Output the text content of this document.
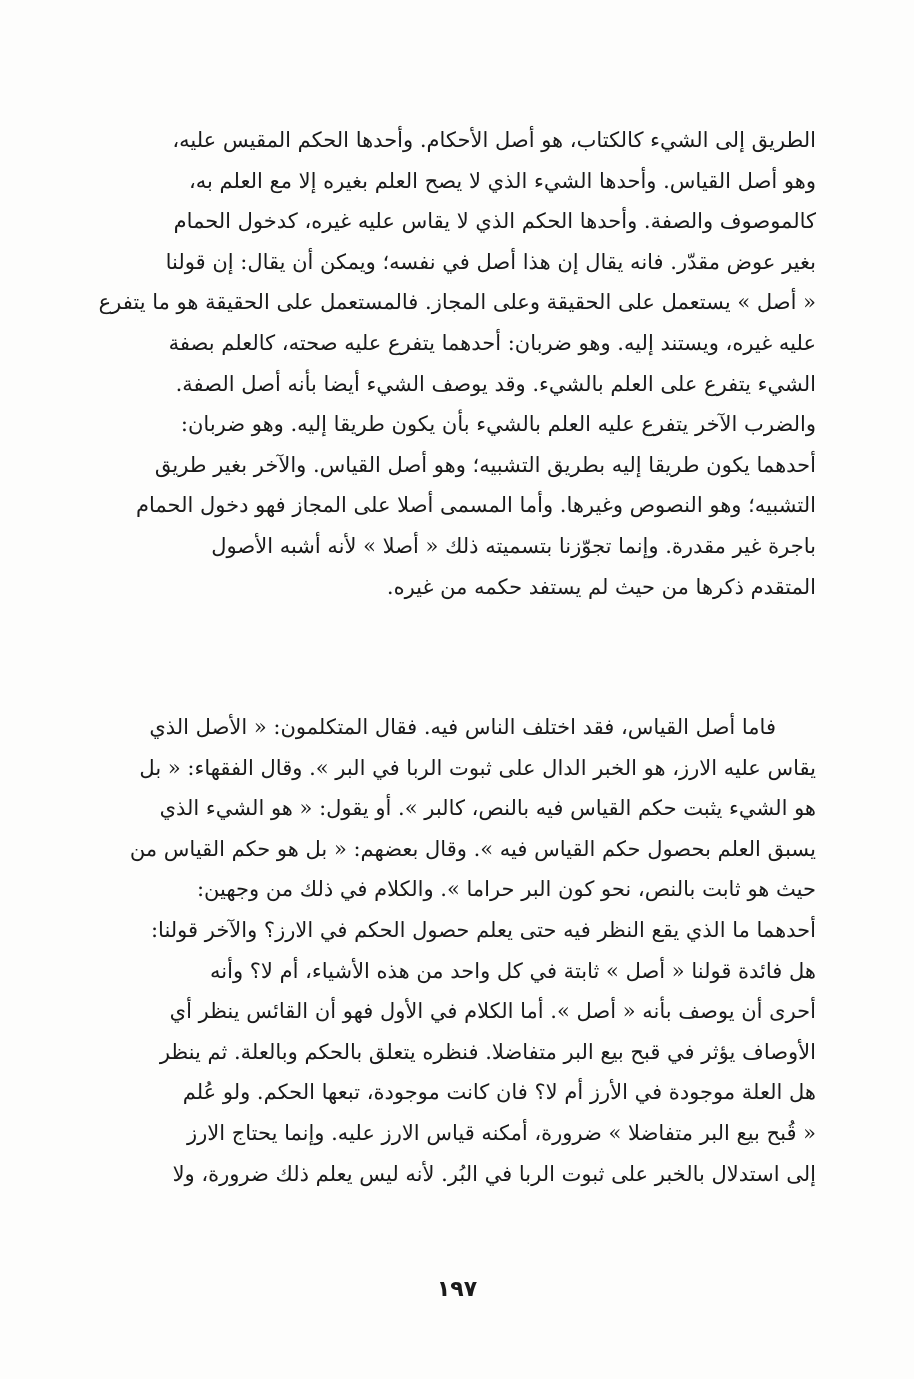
الطريق إلى الشيء كالكتاب، هو أصل الأحكام. وأحدها الحكم المقيس عليه،
وهو أصل القياس. وأحدها الشيء الذي لا يصح العلم بغيره إلا مع العلم به،
كالموصوف والصفة. وأحدها الحكم الذي لا يقاس عليه غيره، كدخول الحمام
بغير عوض مقدّر. فانه يقال إن هذا أصل في نفسه؛ ويمكن أن يقال: إن قولنا
« أصل » يستعمل على الحقيقة وعلى المجاز. فالمستعمل على الحقيقة هو ما يتفرع
عليه غيره، ويستند إليه. وهو ضربان: أحدهما يتفرع عليه صحته، كالعلم بصفة
الشيء يتفرع على العلم بالشيء. وقد يوصف الشيء أيضا بأنه أصل الصفة.
والضرب الآخر يتفرع عليه العلم بالشيء بأن يكون طريقا إليه. وهو ضربان:
أحدهما يكون طريقا إليه بطريق التشبيه؛ وهو أصل القياس. والآخر بغير طريق
التشبيه؛ وهو النصوص وغيرها. وأما المسمى أصلا على المجاز فهو دخول الحمام
باجرة غير مقدرة. وإنما تجوّزنا بتسميته ذلك « أصلا » لأنه أشبه الأصول
المتقدم ذكرها من حيث لم يستفد حكمه من غيره.
فاما أصل القياس، فقد اختلف الناس فيه. فقال المتكلمون: « الأصل الذي
يقاس عليه الارز، هو الخبر الدال على ثبوت الربا في البر ». وقال الفقهاء: « بل
هو الشيء يثبت حكم القياس فيه بالنص، كالبر ». أو يقول: « هو الشيء الذي
يسبق العلم بحصول حكم القياس فيه ». وقال بعضهم: « بل هو حكم القياس من
حيث هو ثابت بالنص، نحو كون البر حراما ». والكلام في ذلك من وجهين:
أحدهما ما الذي يقع النظر فيه حتى يعلم حصول الحكم في الارز؟ والآخر قولنا:
هل فائدة قولنا « أصل » ثابتة في كل واحد من هذه الأشياء، أم لا؟ وأنه
أحرى أن يوصف بأنه « أصل ». أما الكلام في الأول فهو أن القائس ينظر أي
الأوصاف يؤثر في قبح بيع البر متفاضلا. فنظره يتعلق بالحكم وبالعلة. ثم ينظر
هل العلة موجودة في الأرز أم لا؟ فان كانت موجودة، تبعها الحكم. ولو عُلم
« قُبح بيع البر متفاضلا » ضرورة، أمكنه قياس الارز عليه. وإنما يحتاج الارز
إلى استدلال بالخبر على ثبوت الربا في البُر. لأنه ليس يعلم ذلك ضرورة، ولا
١٩٧
